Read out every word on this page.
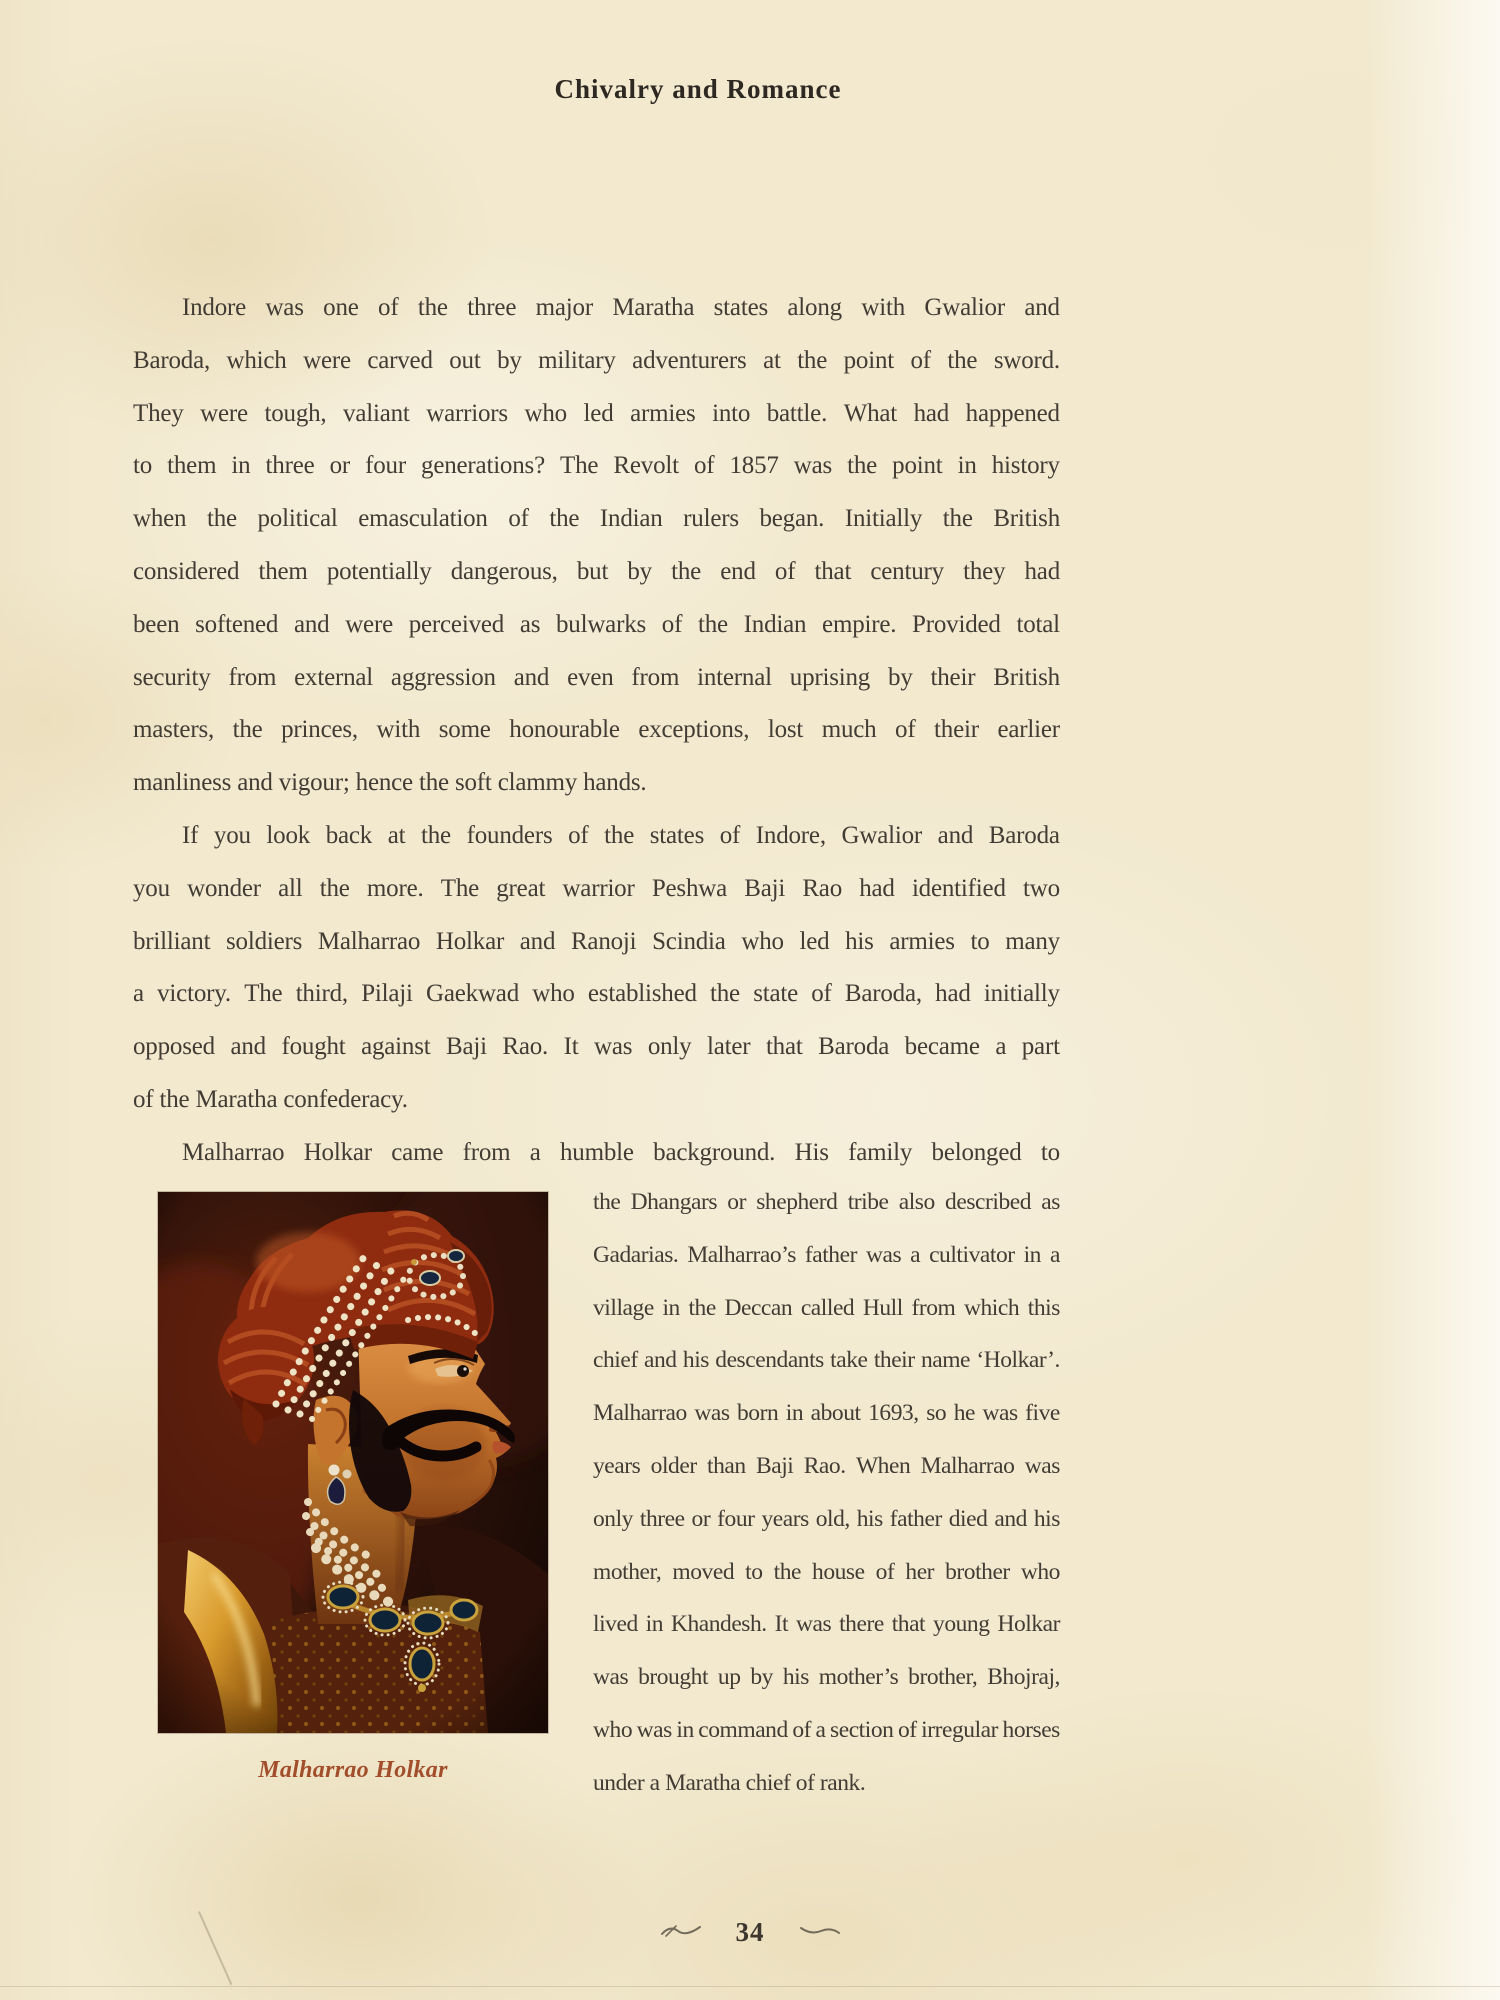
Chivalry and Romance
Indore was one of the three major Maratha states along with Gwalior and
Baroda, which were carved out by military adventurers at the point of the sword.
They were tough, valiant warriors who led armies into battle. What had happened
to them in three or four generations? The Revolt of 1857 was the point in history
when the political emasculation of the Indian rulers began. Initially the British
considered them potentially dangerous, but by the end of that century they had
been softened and were perceived as bulwarks of the Indian empire. Provided total
security from external aggression and even from internal uprising by their British
masters, the princes, with some honourable exceptions, lost much of their earlier
manliness and vigour; hence the soft clammy hands.
If you look back at the founders of the states of Indore, Gwalior and Baroda
you wonder all the more. The great warrior Peshwa Baji Rao had identified two
brilliant soldiers Malharrao Holkar and Ranoji Scindia who led his armies to many
a victory. The third, Pilaji Gaekwad who established the state of Baroda, had initially
opposed and fought against Baji Rao. It was only later that Baroda became a part
of the Maratha confederacy.
Malharrao Holkar came from a humble background. His family belonged to
Malharrao Holkar
the Dhangars or shepherd tribe also described as
Gadarias. Malharrao’s father was a cultivator in a
village in the Deccan called Hull from which this
chief and his descendants take their name ‘Holkar’.
Malharrao was born in about 1693, so he was five
years older than Baji Rao. When Malharrao was
only three or four years old, his father died and his
mother, moved to the house of her brother who
lived in Khandesh. It was there that young Holkar
was brought up by his mother’s brother, Bhojraj,
who was in command of a section of irregular horses
under a Maratha chief of rank.
34
